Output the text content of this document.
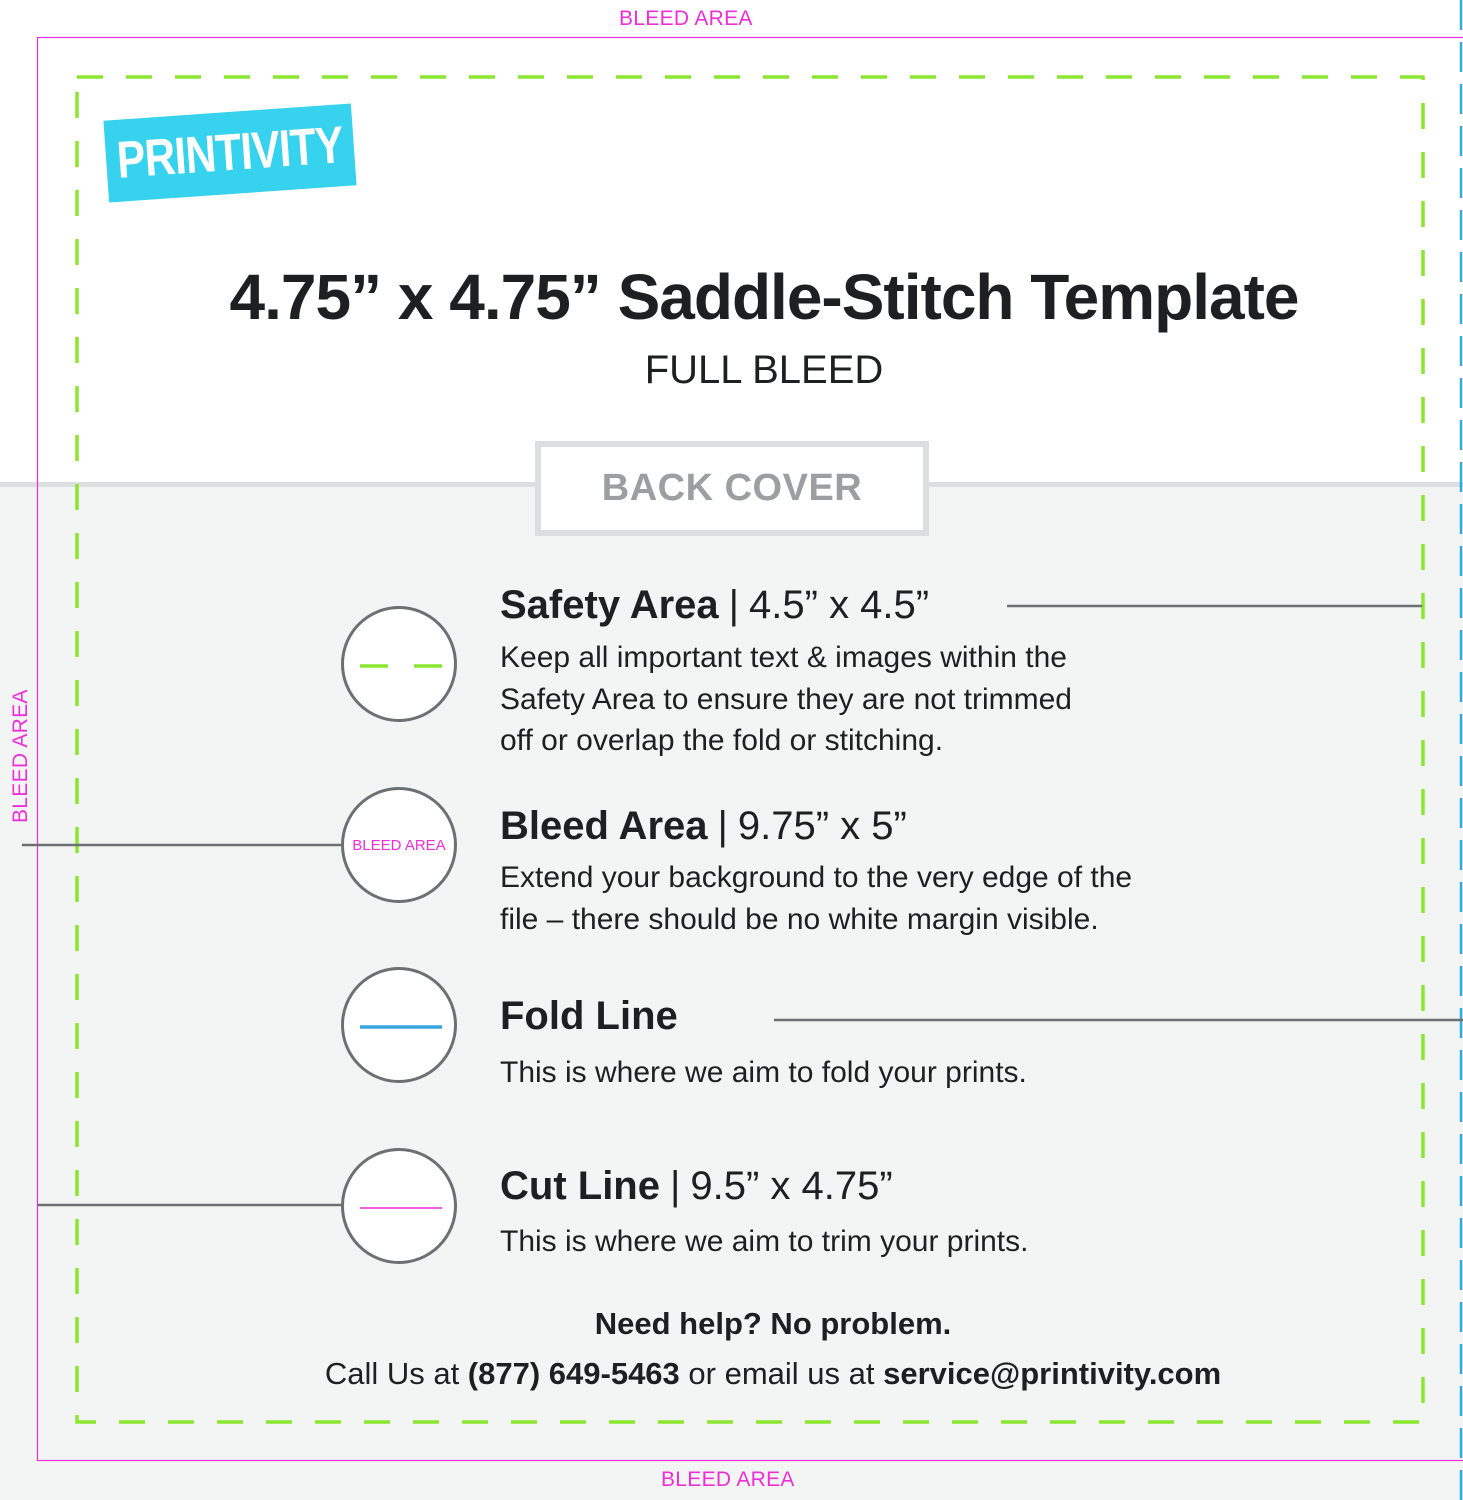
BLEED AREA
BLEED AREA
BLEED AREA
PRINTIVITY
4.75” x 4.75” Saddle-Stitch Template
FULL BLEED
BACK COVER
Safety Area | 4.5” x 4.5”
Keep all important text & images within the
Safety Area to ensure they are not trimmed
off or overlap the fold or stitching.
BLEED AREA Bleed Area | 9.75” x 5”
Extend your background to the very edge of the
file – there should be no white margin visible.
Fold Line
This is where we aim to fold your prints.
Cut Line | 9.5” x 4.75”
This is where we aim to trim your prints.
Need help? No problem.
Call Us at (877) 649-5463 or email us at service@printivity.com
